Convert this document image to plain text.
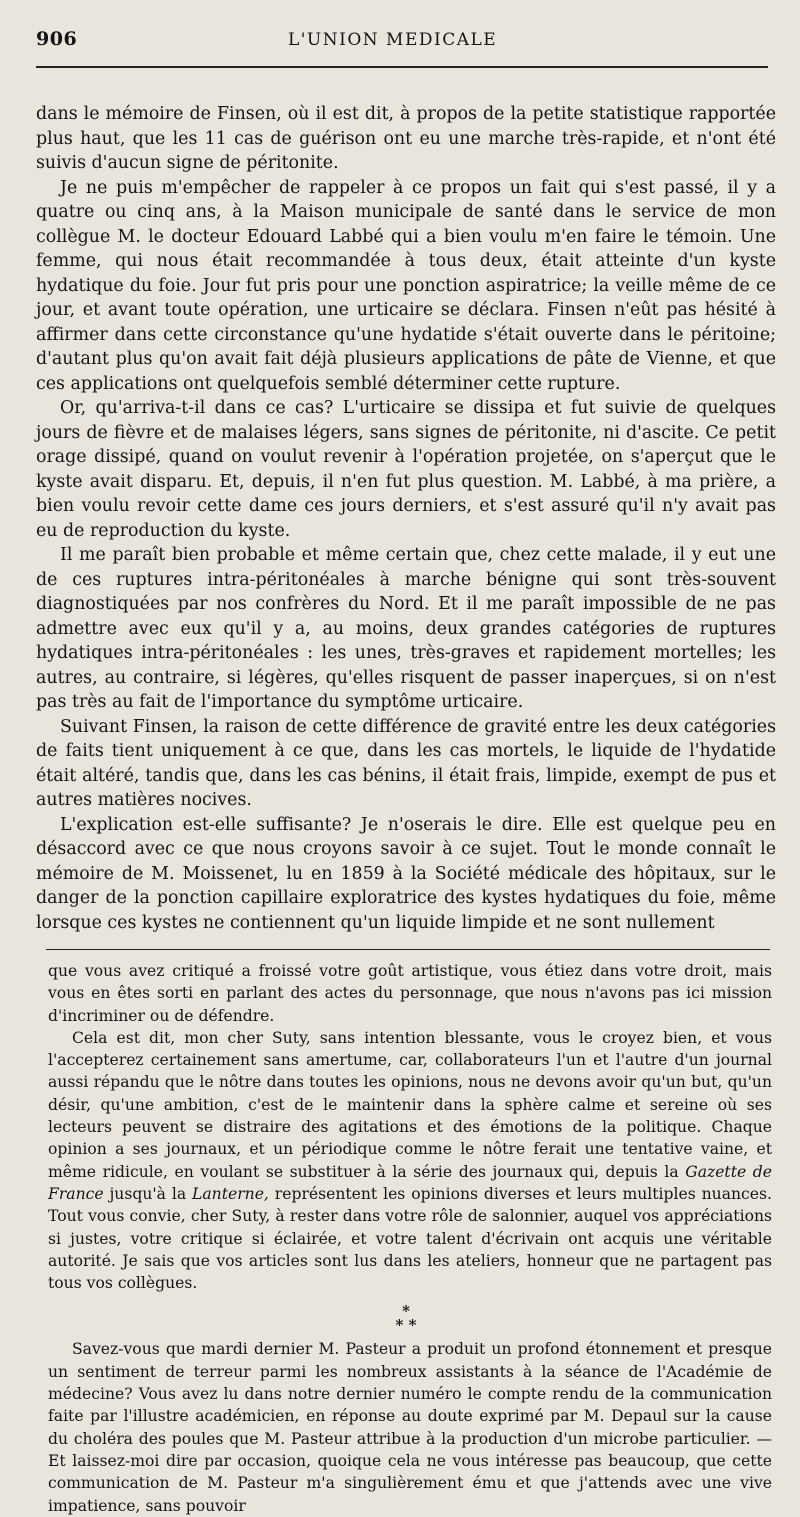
906	L'UNION MEDICALE

dans le mémoire de Finsen, où il est dit, à propos de la petite statistique rapportée plus haut, que les 11 cas de guérison ont eu une marche très-rapide, et n'ont été suivis d'aucun signe de péritonite.

Je ne puis m'empêcher de rappeler à ce propos un fait qui s'est passé, il y a quatre ou cinq ans, à la Maison municipale de santé dans le service de mon collègue M. le docteur Edouard Labbé qui a bien voulu m'en faire le témoin. Une femme, qui nous était recommandée à tous deux, était atteinte d'un kyste hydatique du foie. Jour fut pris pour une ponction aspiratrice; la veille même de ce jour, et avant toute opération, une urticaire se déclara. Finsen n'eût pas hésité à affirmer dans cette circonstance qu'une hydatide s'était ouverte dans le péritoine; d'autant plus qu'on avait fait déjà plusieurs applications de pâte de Vienne, et que ces applications ont quelquefois semblé déterminer cette rupture.

Or, qu'arriva-t-il dans ce cas? L'urticaire se dissipa et fut suivie de quelques jours de fièvre et de malaises légers, sans signes de péritonite, ni d'ascite. Ce petit orage dissipé, quand on voulut revenir à l'opération projetée, on s'aperçut que le kyste avait disparu. Et, depuis, il n'en fut plus question. M. Labbé, à ma prière, a bien voulu revoir cette dame ces jours derniers, et s'est assuré qu'il n'y avait pas eu de reproduction du kyste.

Il me paraît bien probable et même certain que, chez cette malade, il y eut une de ces ruptures intra-péritonéales à marche bénigne qui sont très-souvent diagnostiquées par nos confrères du Nord. Et il me paraît impossible de ne pas admettre avec eux qu'il y a, au moins, deux grandes catégories de ruptures hydatiques intra-péritonéales : les unes, très-graves et rapidement mortelles; les autres, au contraire, si légères, qu'elles risquent de passer inaperçues, si on n'est pas très au fait de l'importance du symptôme urticaire.

Suivant Finsen, la raison de cette différence de gravité entre les deux catégories de faits tient uniquement à ce que, dans les cas mortels, le liquide de l'hydatide était altéré, tandis que, dans les cas bénins, il était frais, limpide, exempt de pus et autres matières nocives.

L'explication est-elle suffisante? Je n'oserais le dire. Elle est quelque peu en désaccord avec ce que nous croyons savoir à ce sujet. Tout le monde connaît le mémoire de M. Moissenet, lu en 1859 à la Société médicale des hôpitaux, sur le danger de la ponction capillaire exploratrice des kystes hydatiques du foie, même lorsque ces kystes ne contiennent qu'un liquide limpide et ne sont nullement

que vous avez critiqué a froissé votre goût artistique, vous étiez dans votre droit, mais vous en êtes sorti en parlant des actes du personnage, que nous n'avons pas ici mission d'incriminer ou de défendre.

Cela est dit, mon cher Suty, sans intention blessante, vous le croyez bien, et vous l'accepterez certainement sans amertume, car, collaborateurs l'un et l'autre d'un journal aussi répandu que le nôtre dans toutes les opinions, nous ne devons avoir qu'un but, qu'un désir, qu'une ambition, c'est de le maintenir dans la sphère calme et sereine où ses lecteurs peuvent se distraire des agitations et des émotions de la politique. Chaque opinion a ses journaux, et un périodique comme le nôtre ferait une tentative vaine, et même ridicule, en voulant se substituer à la série des journaux qui, depuis la Gazette de France jusqu'à la Lanterne, représentent les opinions diverses et leurs multiples nuances. Tout vous convie, cher Suty, à rester dans votre rôle de salonnier, auquel vos appréciations si justes, votre critique si éclairée, et votre talent d'écrivain ont acquis une véritable autorité. Je sais que vos articles sont lus dans les ateliers, honneur que ne partagent pas tous vos collègues.

*
* *

Savez-vous que mardi dernier M. Pasteur a produit un profond étonnement et presque un sentiment de terreur parmi les nombreux assistants à la séance de l'Académie de médecine? Vous avez lu dans notre dernier numéro le compte rendu de la communication faite par l'illustre académicien, en réponse au doute exprimé par M. Depaul sur la cause du choléra des poules que M. Pasteur attribue à la production d'un microbe particulier. — Et laissez-moi dire par occasion, quoique cela ne vous intéresse pas beaucoup, que cette communication de M. Pasteur m'a singulièrement ému et que j'attends avec une vive impatience, sans pouvoir
